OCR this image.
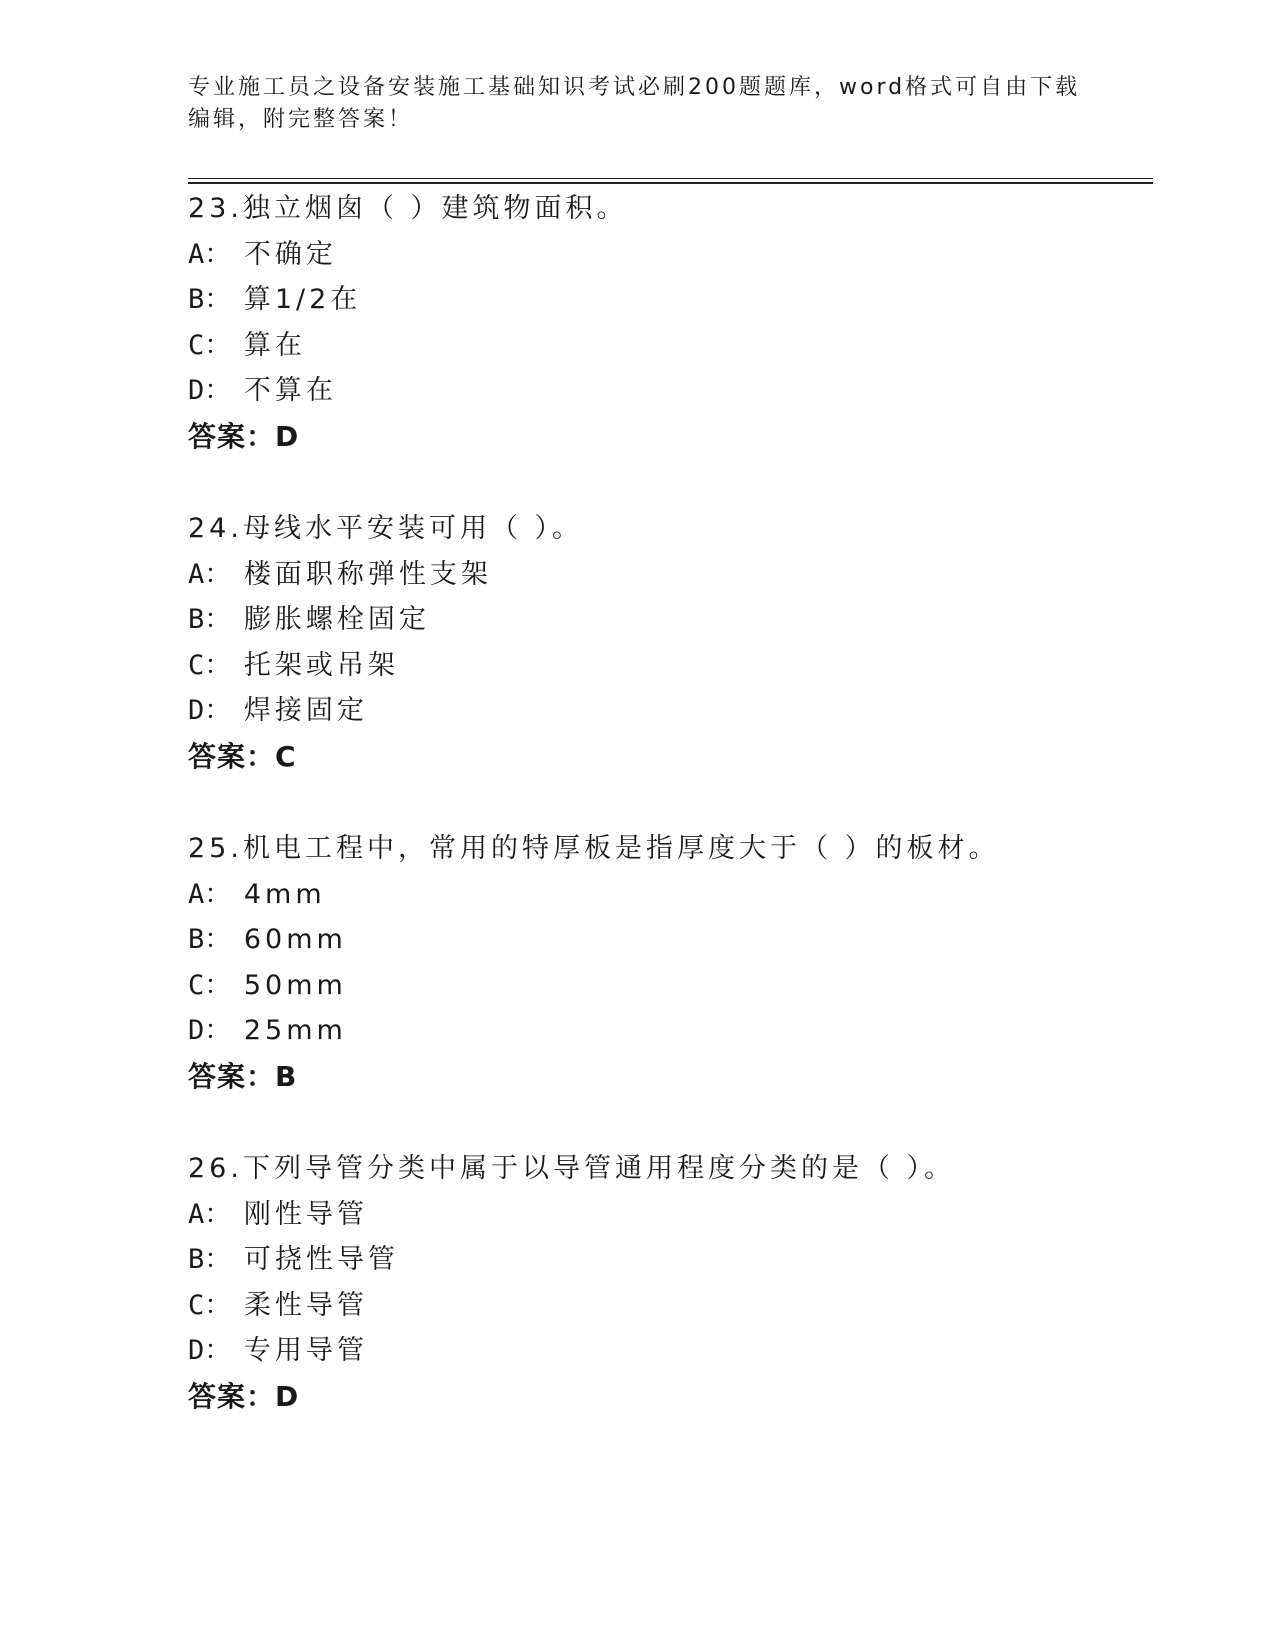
专业施工员之设备安装施工基础知识考试必刷200题题库，word格式可自由下载
编辑，附完整答案！
23.独立烟囱（ ）建筑物面积。
A： 不确定
B： 算1/2在
C： 算在
D： 不算在
答案：D
24.母线水平安装可用（ ）。
A： 楼面职称弹性支架
B： 膨胀螺栓固定
C： 托架或吊架
D： 焊接固定
答案：C
25.机电工程中，常用的特厚板是指厚度大于（ ）的板材。
A： 4mm
B： 60mm
C： 50mm
D： 25mm
答案：B
26.下列导管分类中属于以导管通用程度分类的是（ ）。
A： 刚性导管
B： 可挠性导管
C： 柔性导管
D： 专用导管
答案：D
